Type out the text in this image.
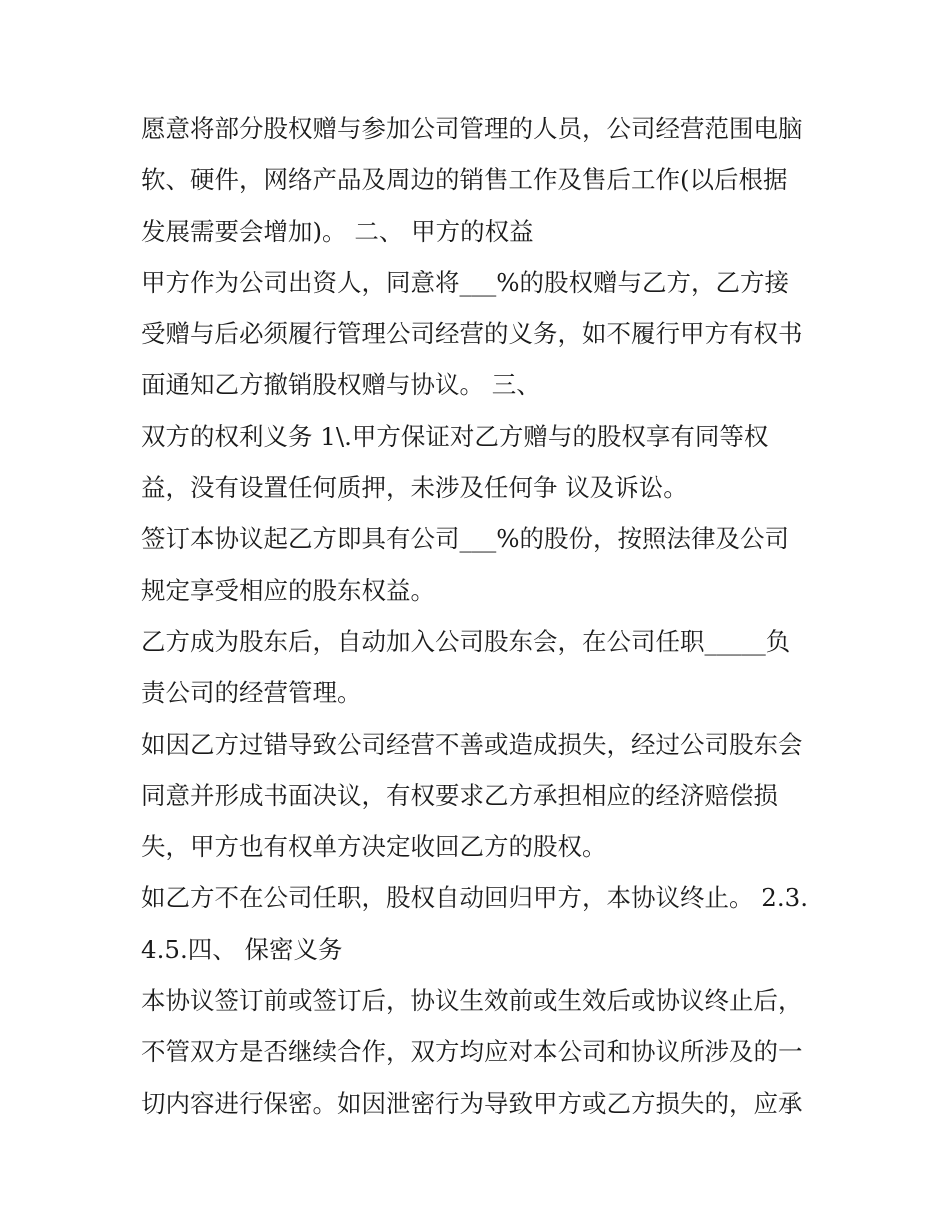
愿意将部分股权赠与参加公司管理的人员，公司经营范围电脑
软、硬件，网络产品及周边的销售工作及售后工作(以后根据
发展需要会增加)。 二、 甲方的权益
甲方作为公司出资人，同意将___%的股权赠与乙方，乙方接
受赠与后必须履行管理公司经营的义务，如不履行甲方有权书
面通知乙方撤销股权赠与协议。 三、
双方的权利义务 1\.甲方保证对乙方赠与的股权享有同等权
益，没有设置任何质押，未涉及任何争 议及诉讼。
签订本协议起乙方即具有公司___%的股份，按照法律及公司
规定享受相应的股东权益。
乙方成为股东后，自动加入公司股东会，在公司任职_____负
责公司的经营管理。
如因乙方过错导致公司经营不善或造成损失，经过公司股东会
同意并形成书面决议，有权要求乙方承担相应的经济赔偿损
失，甲方也有权单方决定收回乙方的股权。
如乙方不在公司任职，股权自动回归甲方，本协议终止。 2.3.
4.5.四、 保密义务
本协议签订前或签订后，协议生效前或生效后或协议终止后，
不管双方是否继续合作，双方均应对本公司和协议所涉及的一
切内容进行保密。如因泄密行为导致甲方或乙方损失的，应承
